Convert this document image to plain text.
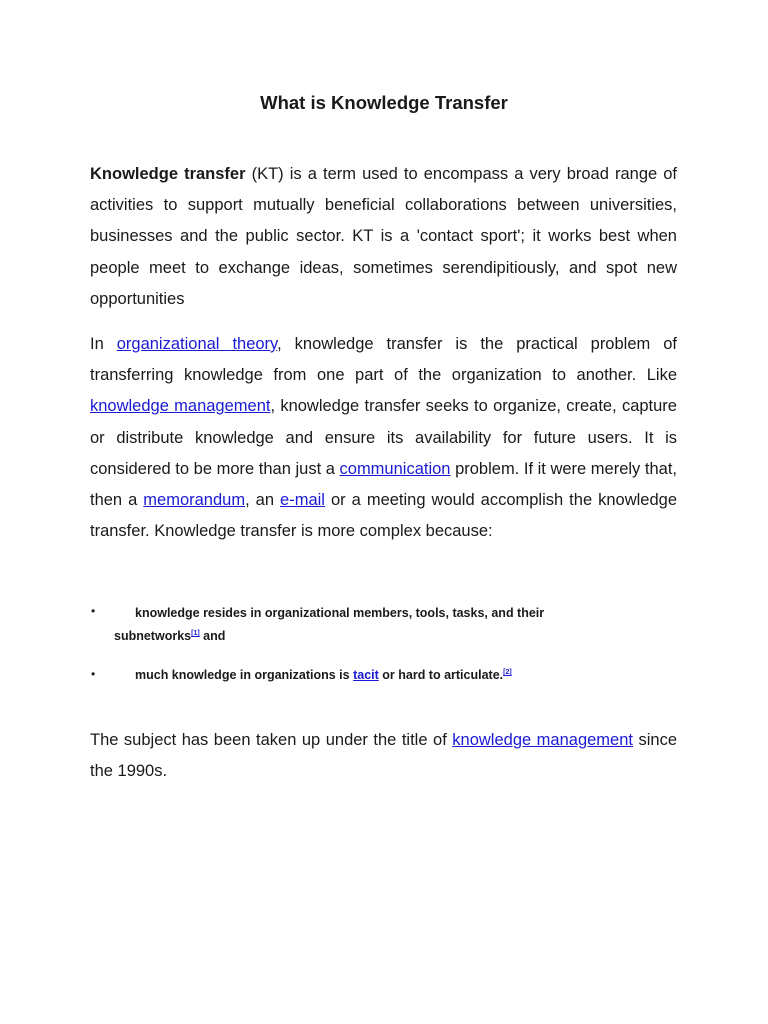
What is Knowledge Transfer

Knowledge transfer (KT) is a term used to encompass a very broad range of activities to support mutually beneficial collaborations between universities, businesses and the public sector. KT is a 'contact sport'; it works best when people meet to exchange ideas, sometimes serendipitiously, and spot new opportunities

In organizational theory, knowledge transfer is the practical problem of transferring knowledge from one part of the organization to another. Like knowledge management, knowledge transfer seeks to organize, create, capture or distribute knowledge and ensure its availability for future users. It is considered to be more than just a communication problem. If it were merely that, then a memorandum, an e-mail or a meeting would accomplish the knowledge transfer. Knowledge transfer is more complex because:

•	knowledge resides in organizational members, tools, tasks, and their
subnetworks[1] and
•	much knowledge in organizations is tacit or hard to articulate.[2]

The subject has been taken up under the title of knowledge management since the 1990s.
